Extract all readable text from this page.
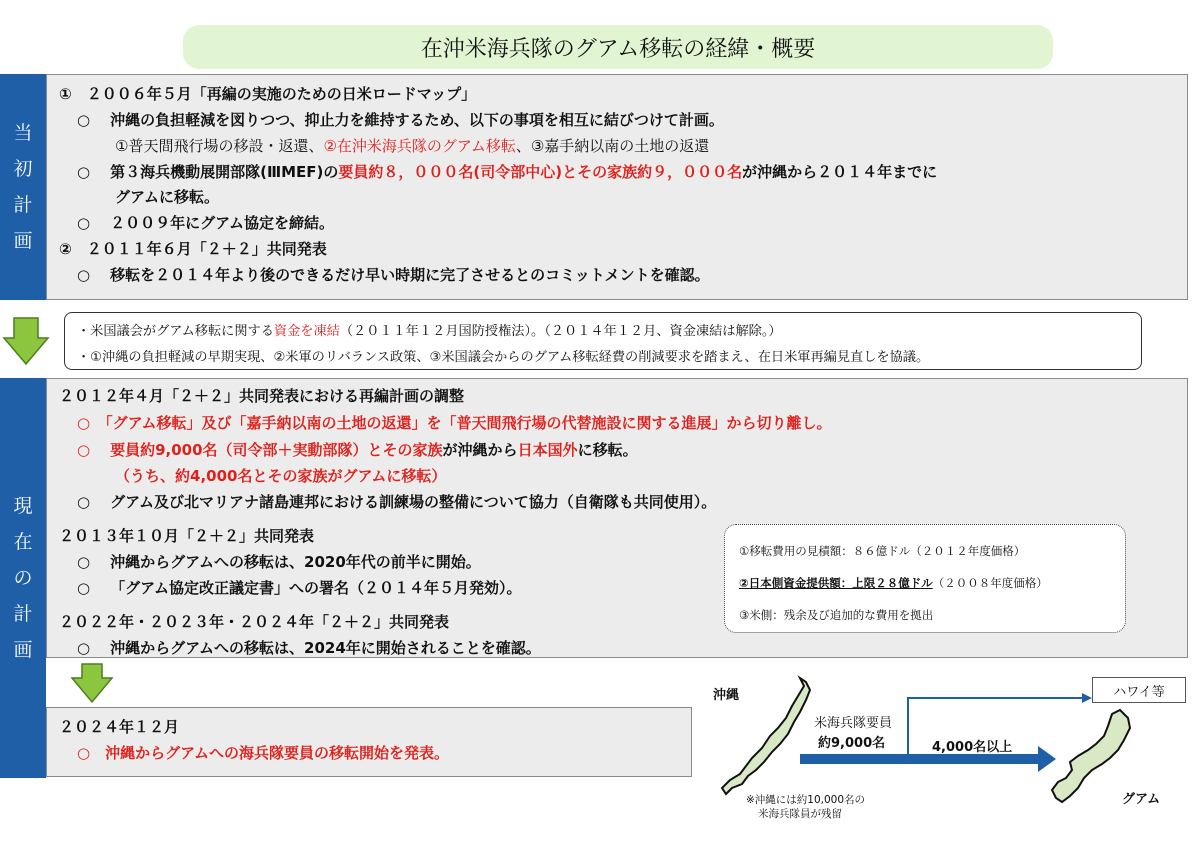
在沖米海兵隊のグアム移転の経緯・概要
当
初
計
画
①　２００６年５月「再編の実施のための日米ロードマップ」
○ 沖縄の負担軽減を図りつつ、抑止力を維持するため、以下の事項を相互に結びつけて計画。
①普天間飛行場の移設・返還、②在沖米海兵隊のグアム移転、③嘉手納以南の土地の返還
○ 第３海兵機動展開部隊(ⅢMEF)の要員約８，０００名(司令部中心)とその家族約９，０００名が沖縄から２０１４年までに
グアムに移転。
○ ２００９年にグアム協定を締結。
②　２０１１年６月「２＋２」共同発表
○ 移転を２０１４年より後のできるだけ早い時期に完了させるとのコミットメントを確認。
・米国議会がグアム移転に関する資金を凍結（２０１１年１２月国防授権法）。（２０１４年１２月、資金凍結は解除。）
・①沖縄の負担軽減の早期実現、②米軍のリバランス政策、③米国議会からのグアム移転経費の削減要求を踏まえ、在日米軍再編見直しを協議。
現
在
の
計
画
２０１２年４月「２＋２」共同発表における再編計画の調整
○　「グアム移転」及び「嘉手納以南の土地の返還」を「普天間飛行場の代替施設に関する進展」から切り離し。
○ 要員約9,000名（司令部＋実動部隊）とその家族が沖縄から日本国外に移転。
（うち、約4,000名とその家族がグアムに移転）
○ グアム及び北マリアナ諸島連邦における訓練場の整備について協力（自衛隊も共同使用）。
２０１３年１０月「２＋２」共同発表
○ 沖縄からグアムへの移転は、2020年代の前半に開始。
○ 「グアム協定改正議定書」への署名（２０１４年５月発効）。
２０２２年・２０２３年・２０２４年「２＋２」共同発表
○ 沖縄からグアムへの移転は、2024年に開始されることを確認。
①移転費用の見積額：８６億ドル（２０１２年度価格）
②日本側資金提供額：上限２８億ドル（２００８年度価格）
③米側：残余及び追加的な費用を拠出
２０２４年１２月
○　沖縄からグアムへの海兵隊要員の移転開始を発表。
ハワイ等
沖縄
米海兵隊要員
約9,000名	4,000名以上
グアム
※沖縄には約10,000名の
米海兵隊員が残留
